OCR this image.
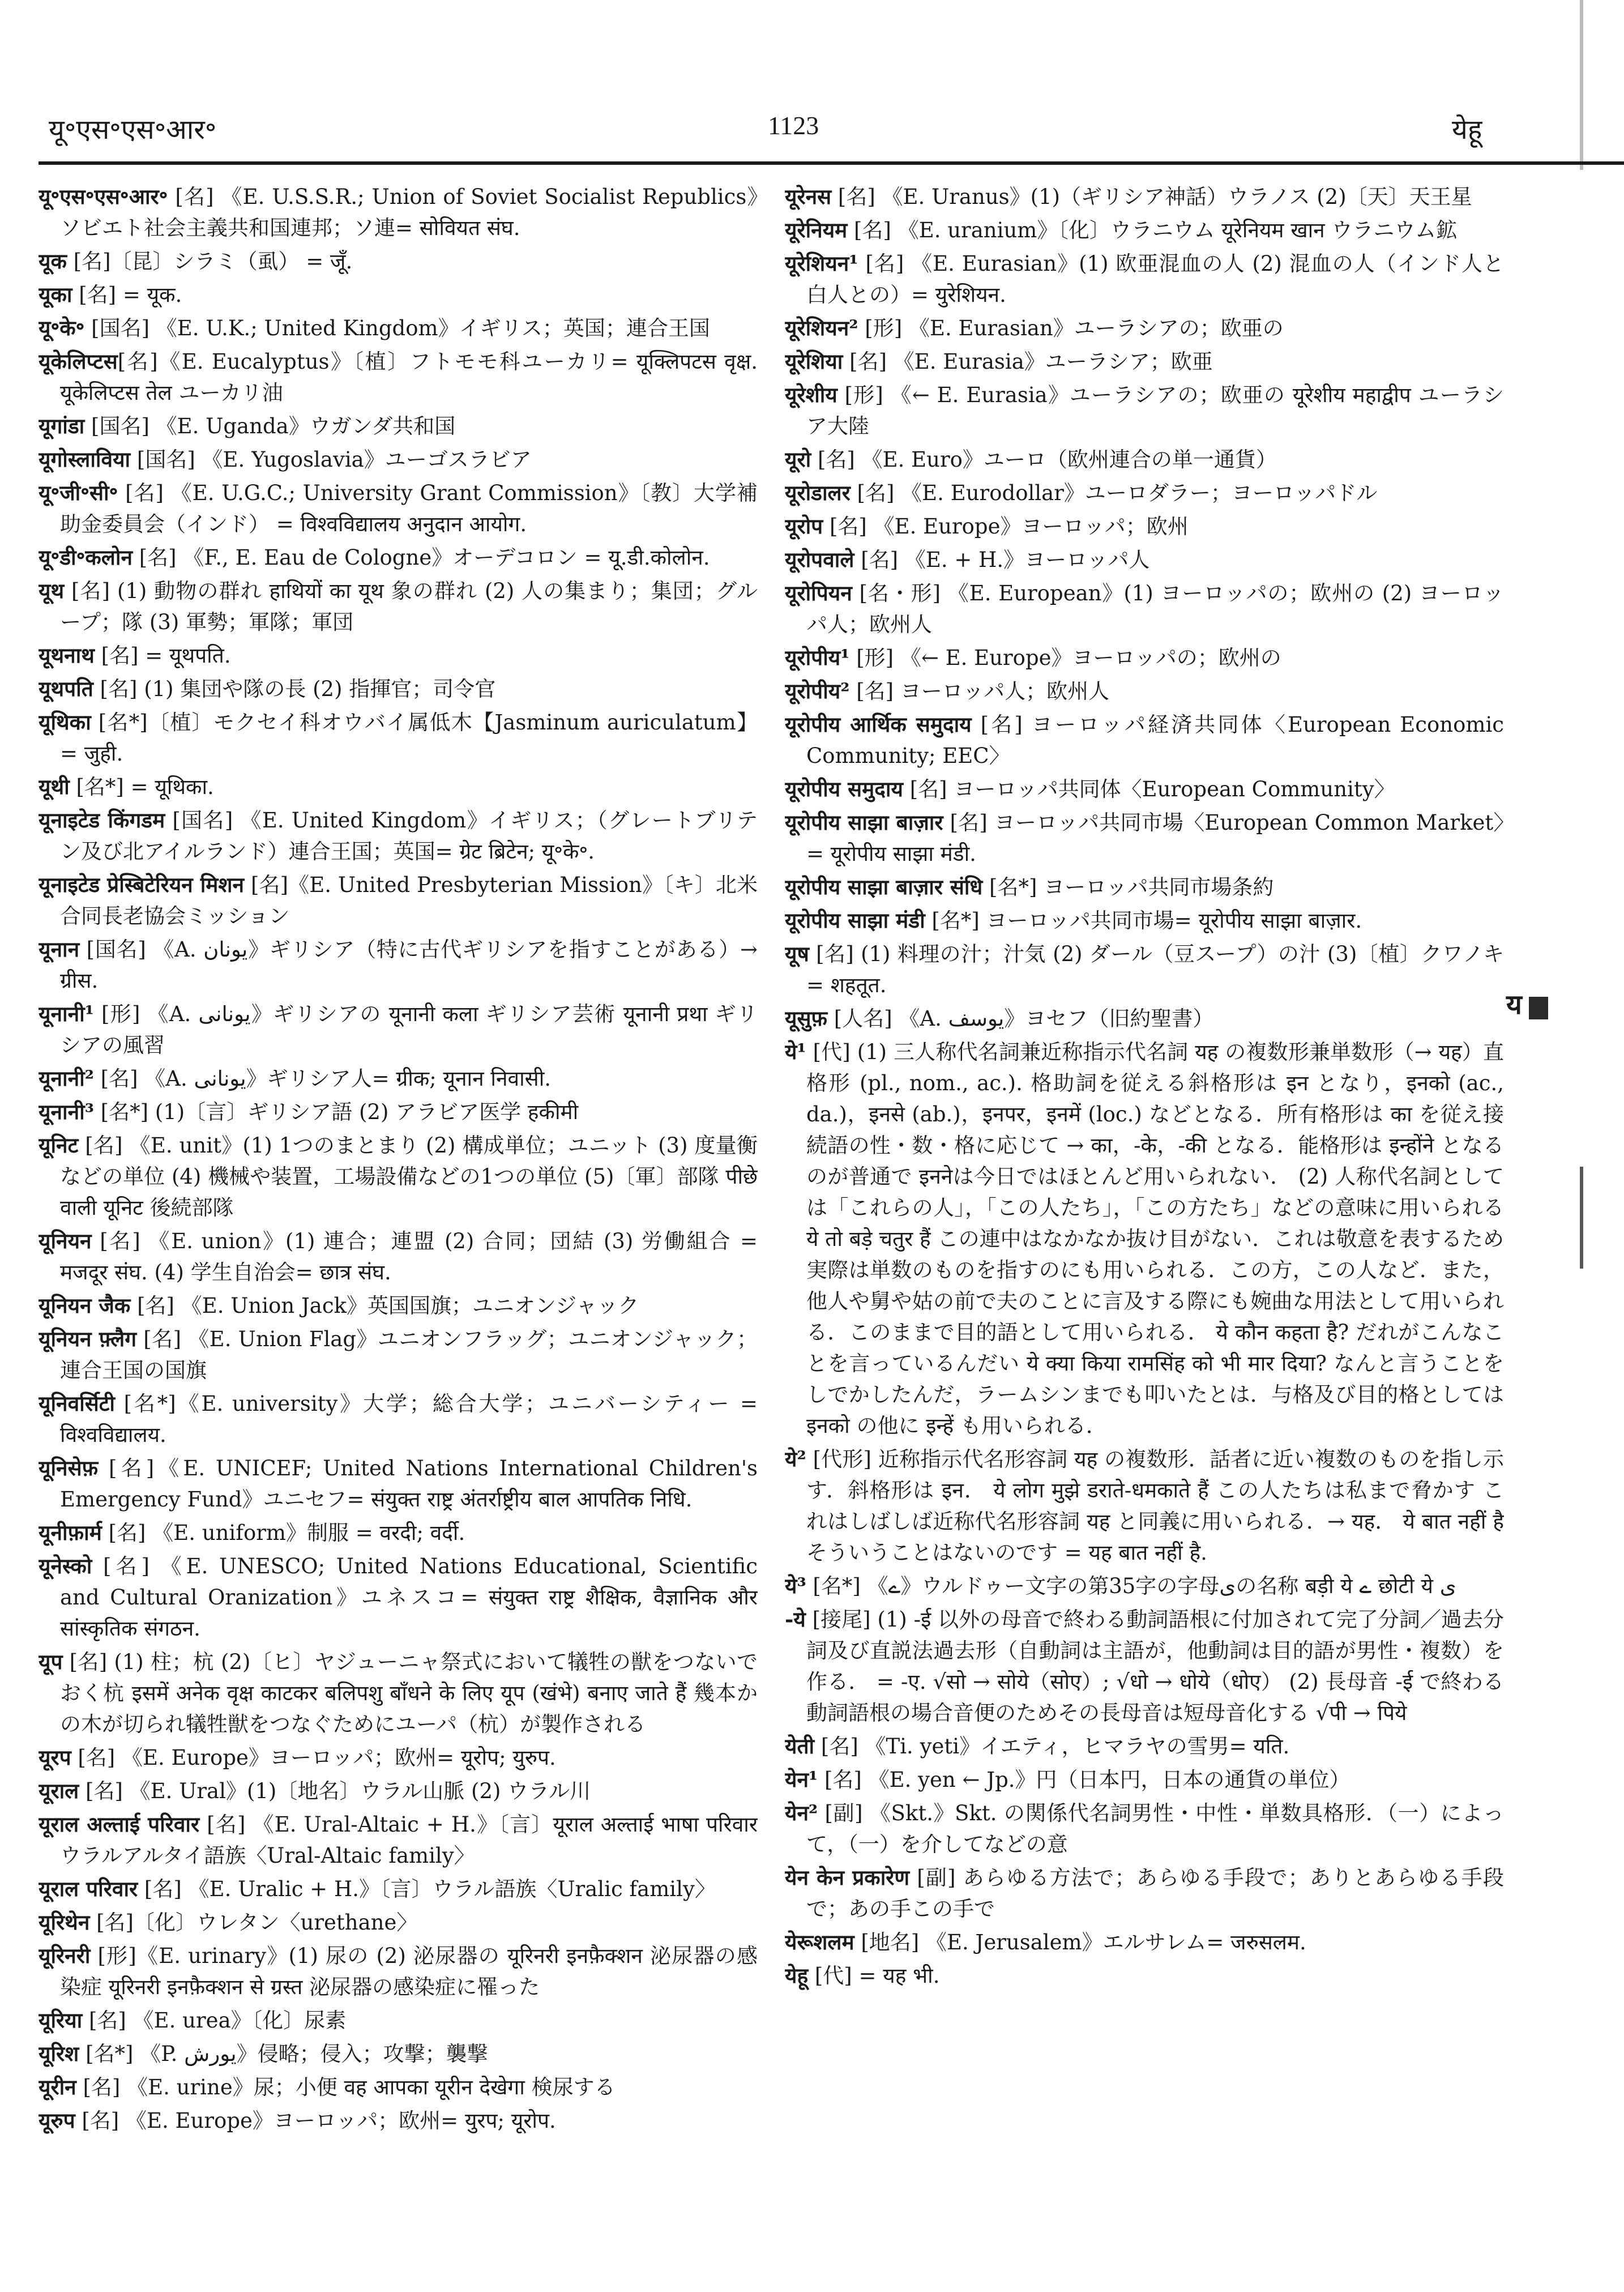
यू॰एस॰एस॰आर॰	1123	येहू

यू॰एस॰एस॰आर॰ [名] 《E. U.S.S.R.; Union of Soviet Socialist Republics》ソビエト社会主義共和国連邦；ソ連= सोवियत संघ.

यूक [名]〔昆〕シラミ（虱） = जूँ.

यूका [名] = यूक.

यू॰के॰ [国名] 《E. U.K.; United Kingdom》イギリス；英国；連合王国

यूकेलिप्टस[名]《E. Eucalyptus》〔植〕フトモモ科ユーカリ= यूक्लिपटस वृक्ष. यूकेलिप्टस तेल ユーカリ油

यूगांडा [国名] 《E. Uganda》ウガンダ共和国

यूगोस्लाविया [国名] 《E. Yugoslavia》ユーゴスラビア

यू॰जी॰सी॰ [名] 《E. U.G.C.; University Grant Commission》〔教〕大学補助金委員会（インド） = विश्वविद्यालय अनुदान आयोग.

यू॰डी॰कलोन [名] 《F., E. Eau de Cologne》オーデコロン = यू.डी.कोलोन.

यूथ [名] (1) 動物の群れ हाथियों का यूथ 象の群れ (2) 人の集まり；集団；グループ；隊 (3) 軍勢；軍隊；軍団

यूथनाथ [名] = यूथपति.

यूथपति [名] (1) 集団や隊の長 (2) 指揮官；司令官

यूथिका [名*]〔植〕モクセイ科オウバイ属低木【Jasminum auriculatum】= जुही.

यूथी [名*] = यूथिका.

यूनाइटेड किंगडम [国名] 《E. United Kingdom》イギリス；（グレートブリテン及び北アイルランド）連合王国；英国= ग्रेट ब्रिटेन; यू॰के॰.

यूनाइटेड प्रेस्बिटेरियन मिशन [名]《E. United Presbyterian Mission》〔キ〕北米合同長老協会ミッション

यूनान [国名] 《A. یونان》ギリシア（特に古代ギリシアを指すことがある）→ ग्रीस.

यूनानी¹ [形] 《A. یونانی》ギリシアの यूनानी कला ギリシア芸術 यूनानी प्रथा ギリシアの風習

यूनानी² [名] 《A. یونانی》ギリシア人= ग्रीक; यूनान निवासी.

यूनानी³ [名*] (1)〔言〕ギリシア語 (2) アラビア医学 हकीमी

यूनिट [名] 《E. unit》(1) 1つのまとまり (2) 構成単位；ユニット (3) 度量衡などの単位 (4) 機械や装置，工場設備などの1つの単位 (5)〔軍〕部隊 पीछे वाली यूनिट 後続部隊

यूनियन [名] 《E. union》(1) 連合；連盟 (2) 合同；団結 (3) 労働組合 = मजदूर संघ. (4) 学生自治会= छात्र संघ.

यूनियन जैक [名] 《E. Union Jack》英国国旗；ユニオンジャック

यूनियन फ़्लैग [名] 《E. Union Flag》ユニオンフラッグ；ユニオンジャック；連合王国の国旗

यूनिवर्सिटी [名*]《E. university》大学；総合大学；ユニバーシティー = विश्वविद्यालय.

यूनिसेफ़ [名]《E. UNICEF; United Nations International Children's Emergency Fund》ユニセフ= संयुक्त राष्ट्र अंतर्राष्ट्रीय बाल आपतिक निधि.

यूनीफ़ार्म [名] 《E. uniform》制服 = वरदी; वर्दी.

यूनेस्को [名] 《E. UNESCO; United Nations Educational, Scientific and Cultural Oranization》ユネスコ= संयुक्त राष्ट्र शैक्षिक, वैज्ञानिक और सांस्कृतिक संगठन.

यूप [名] (1) 柱；杭 (2)〔ヒ〕ヤジューニャ祭式において犠牲の獣をつないでおく杭 इसमें अनेक वृक्ष काटकर बलिपशु बाँधने के लिए यूप (खंभे) बनाए जाते हैं 幾本かの木が切られ犠牲獣をつなぐためにユーパ（杭）が製作される

यूरप [名] 《E. Europe》ヨーロッパ；欧州= यूरोप; युरुप.

यूराल [名] 《E. Ural》(1)〔地名〕ウラル山脈 (2) ウラル川

यूराल अल्ताई परिवार [名] 《E. Ural-Altaic + H.》〔言〕यूराल अल्ताई भाषा परिवार ウラルアルタイ語族〈Ural-Altaic family〉

यूराल परिवार [名] 《E. Uralic + H.》〔言〕ウラル語族〈Uralic family〉

यूरिथेन [名]〔化〕ウレタン〈urethane〉

यूरिनरी [形]《E. urinary》(1) 尿の (2) 泌尿器の यूरिनरी इनफ़ैक्शन 泌尿器の感染症 यूरिनरी इनफ़ैक्शन से ग्रस्त 泌尿器の感染症に罹った

यूरिया [名] 《E. urea》〔化〕尿素

यूरिश [名*] 《P. یورش》侵略；侵入；攻撃；襲撃

यूरीन [名] 《E. urine》尿；小便 वह आपका यूरीन देखेगा 検尿する

यूरुप [名] 《E. Europe》ヨーロッパ；欧州= युरप; यूरोप.

यूरेनस [名] 《E. Uranus》(1)（ギリシア神話）ウラノス (2)〔天〕天王星

यूरेनियम [名] 《E. uranium》〔化〕ウラニウム यूरेनियम खान ウラニウム鉱

यूरेशियन¹ [名] 《E. Eurasian》(1) 欧亜混血の人 (2) 混血の人（インド人と白人との）= युरेशियन.

यूरेशियन² [形] 《E. Eurasian》ユーラシアの；欧亜の

यूरेशिया [名] 《E. Eurasia》ユーラシア；欧亜

यूरेशीय [形] 《← E. Eurasia》ユーラシアの；欧亜の यूरेशीय महाद्वीप ユーラシア大陸

यूरो [名] 《E. Euro》ユーロ（欧州連合の単一通貨）

यूरोडालर [名] 《E. Eurodollar》ユーロダラー；ヨーロッパドル

यूरोप [名] 《E. Europe》ヨーロッパ；欧州

यूरोपवाले [名] 《E. + H.》ヨーロッパ人

यूरोपियन [名・形] 《E. European》(1) ヨーロッパの；欧州の (2) ヨーロッパ人；欧州人

यूरोपीय¹ [形] 《← E. Europe》ヨーロッパの；欧州の

यूरोपीय² [名] ヨーロッパ人；欧州人

यूरोपीय आर्थिक समुदाय [名] ヨーロッパ経済共同体〈European Economic Community; EEC〉

यूरोपीय समुदाय [名] ヨーロッパ共同体〈European Community〉

यूरोपीय साझा बाज़ार [名] ヨーロッパ共同市場〈European Common Market〉= यूरोपीय साझा मंडी.

यूरोपीय साझा बाज़ार संधि [名*] ヨーロッパ共同市場条約

यूरोपीय साझा मंडी [名*] ヨーロッパ共同市場= यूरोपीय साझा बाज़ार.

यूष [名] (1) 料理の汁；汁気 (2) ダール（豆スープ）の汁 (3)〔植〕クワノキ= शहतूत.

यूसुफ़ [人名] 《A. یوسف》ヨセフ（旧約聖書）

ये¹ [代] (1) 三人称代名詞兼近称指示代名詞 यह の複数形兼単数形（→ यह）直格形 (pl., nom., ac.). 格助詞を従える斜格形は इन となり，इनको (ac., da.)，इनसे (ab.)，इनपर，इनमें (loc.) などとなる．所有格形は का を従え接続語の性・数・格に応じて → का，-के，-की となる．能格形は इन्होंने となるのが普通で इननेは今日ではほとんど用いられない． (2) 人称代名詞としては「これらの人」，「この人たち」，「この方たち」などの意味に用いられる ये तो बड़े चतुर हैं この連中はなかなか抜け目がない．これは敬意を表するため実際は単数のものを指すのにも用いられる．この方，この人など．また，他人や舅や姑の前で夫のことに言及する際にも婉曲な用法として用いられる．このままで目的語として用いられる． ये कौन कहता है? だれがこんなことを言っているんだい ये क्या किया रामसिंह को भी मार दिया? なんと言うことをしでかしたんだ，ラームシンまでも叩いたとは．与格及び目的格としては इनको の他に इन्हें も用いられる．

ये² [代形] 近称指示代名形容詞 यह の複数形．話者に近い複数のものを指し示す．斜格形は इन． ये लोग मुझे डराते-धमकाते हैं この人たちは私まで脅かす これはしばしば近称代名形容詞 यह と同義に用いられる．→ यह． ये बात नहीं है そういうことはないのです = यह बात नहीं है.

ये³ [名*] 《ے》ウルドゥー文字の第35字の字母یの名称 बड़ी ये ے छोटी ये ی

-ये [接尾] (1) -ई 以外の母音で終わる動詞語根に付加されて完了分詞／過去分詞及び直説法過去形（自動詞は主語が，他動詞は目的語が男性・複数）を作る． = -ए. √सो → सोये（सोए）; √धो → धोये（धोए） (2) 長母音 -ई で終わる動詞語根の場合音便のためその長母音は短母音化する √पी → पिये

येती [名] 《Ti. yeti》イエティ，ヒマラヤの雪男= यति.

येन¹ [名] 《E. yen ← Jp.》円（日本円，日本の通貨の単位）

येन² [副] 《Skt.》Skt. の関係代名詞男性・中性・単数具格形．（一）によって，（一）を介してなどの意

येन केन प्रकारेण [副] あらゆる方法で；あらゆる手段で；ありとあらゆる手段で；あの手この手で

येरूशलम [地名] 《E. Jerusalem》エルサレム= जरुसलम.

येहू [代] = यह भी.

य
